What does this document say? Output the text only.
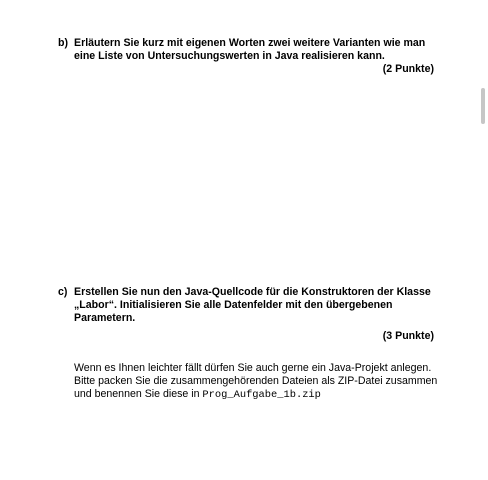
b) Erläutern Sie kurz mit eigenen Worten zwei weitere Varianten wie man
eine Liste von Untersuchungswerten in Java realisieren kann.
(2 Punkte)
c) Erstellen Sie nun den Java-Quellcode für die Konstruktoren der Klasse
„Labor“. Initialisieren Sie alle Datenfelder mit den übergebenen
Parametern.
(3 Punkte)
Wenn es Ihnen leichter fällt dürfen Sie auch gerne ein Java-Projekt anlegen.
Bitte packen Sie die zusammengehörenden Dateien als ZIP-Datei zusammen
und benennen Sie diese in Prog_Aufgabe_1b.zip
